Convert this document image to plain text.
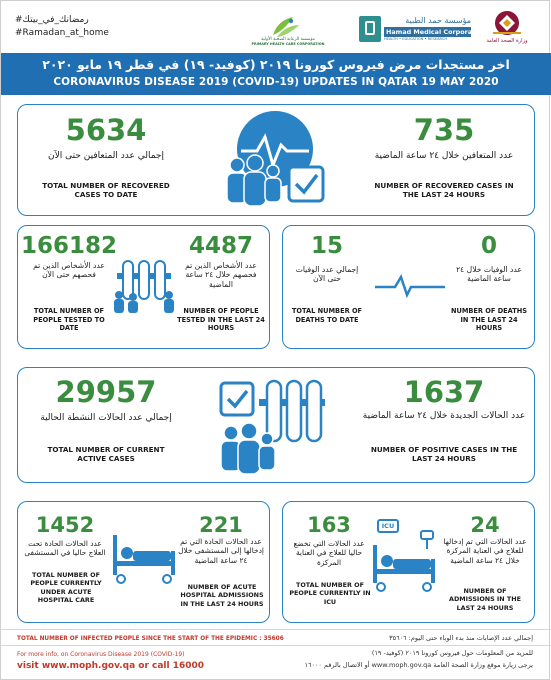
#رمضانك_في_بيتك
#Ramadan_at_home
مؤسسة الرعاية الصحية الأولية
PRIMARY HEALTH CARE CORPORATION
مؤسسة حمد الطبية
Hamad Medical Corporation
HEALTH • EDUCATION • RESEARCH	وزارة الصحة العامة
اخر مستجدات مرض فيروس كورونا ٢٠١٩ (كوفيد- ١٩) في قطر ١٩ مايو ٢٠٢٠
CORONAVIRUS DISEASE 2019 (COVID-19) UPDATES IN QATAR 19 MAY 2020
5634
إجمالي عدد المتعافين حتى الآن
TOTAL NUMBER OF RECOVERED CASES TO DATE
735
عدد المتعافين خلال ٢٤ ساعة الماضية
NUMBER OF RECOVERED CASES IN THE LAST 24 HOURS
166182
عدد الأشخاص الذين تم فحصهم حتى الآن
TOTAL NUMBER OF PEOPLE TESTED TO DATE
4487
عدد الأشخاص الذين تم فحصهم خلال ٢٤ ساعة الماضية
NUMBER OF PEOPLE TESTED IN THE LAST 24 HOURS
15
إجمالي عدد الوفيات حتى الآن
TOTAL NUMBER OF DEATHS TO DATE
0
عدد الوفيات خلال ٢٤ ساعة الماضية
NUMBER OF DEATHS IN THE LAST 24 HOURS
29957
إجمالي عدد الحالات النشطة الحالية
TOTAL NUMBER OF CURRENT ACTIVE CASES
1637
عدد الحالات الجديدة خلال ٢٤ ساعة الماضية
NUMBER OF POSITIVE CASES IN THE LAST 24 HOURS
1452
عدد الحالات الحادة تحت العلاج حاليا في المستشفى
TOTAL NUMBER OF PEOPLE CURRENTLY UNDER ACUTE HOSPITAL CARE
221
عدد الحالات الحادة التي تم إدخالها إلى المستشفى خلال ٢٤ ساعة الماضية
NUMBER OF ACUTE HOSPITAL ADMISSIONS IN THE LAST 24 HOURS
163
عدد الحالات التي تخضع حاليا للعلاج في العناية المركزة
TOTAL NUMBER OF PEOPLE CURRENTLY IN ICU
24
عدد الحالات التي تم إدخالها للعلاج في العناية المركزة خلال ٢٤ ساعة الماضية
NUMBER OF ADMISSIONS IN THE LAST 24 HOURS
ICU
TOTAL NUMBER OF INFECTED PEOPLE SINCE THE START OF THE EPIDEMIC : 35606	إجمالي عدد الإصابات منذ بدء الوباء حتى اليوم: ٣٥٦٠٦
For more info, on Coronavirus Disease 2019 (COVID-19)
visit www.moph.gov.qa or call 16000
للمزيد من المعلومات حول فيروس كورونا ٢٠١٩ (كوفيد- ١٩)
يرجى زيارة موقع وزارة الصحة العامة www.moph.gov.qa أو الاتصال بالرقم ١٦٠٠٠
